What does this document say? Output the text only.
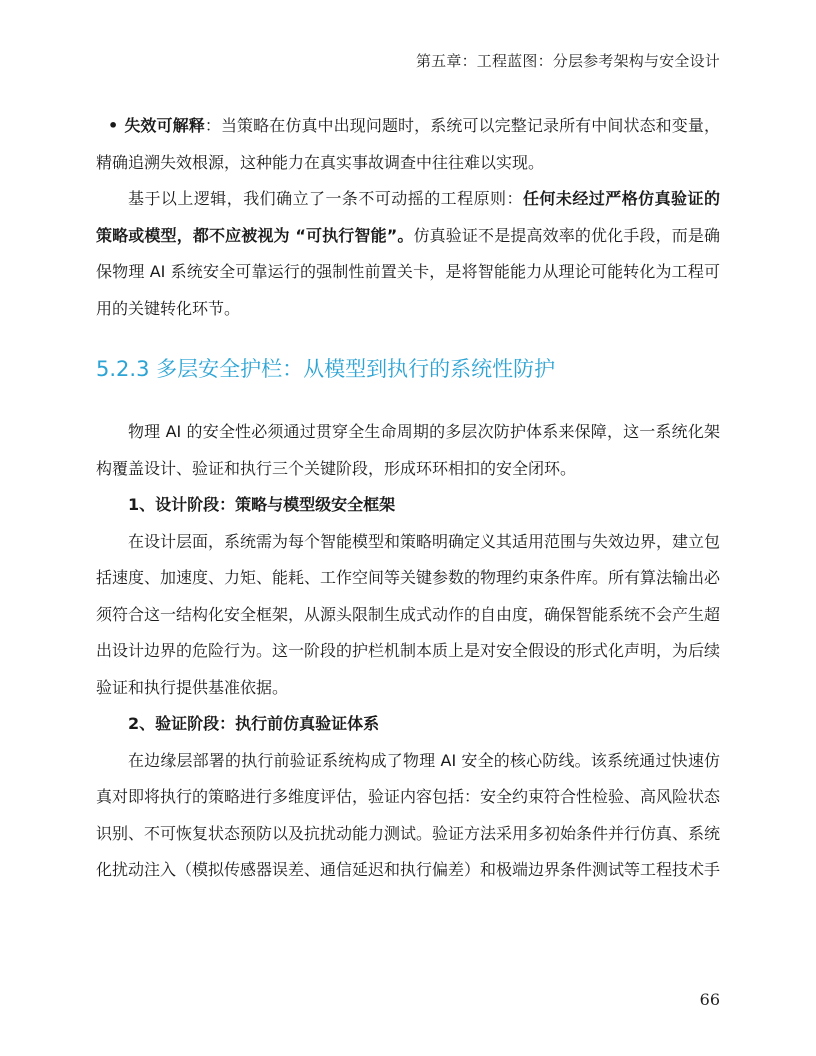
第五章：工程蓝图：分层参考架构与安全设计

• 失效可解释：当策略在仿真中出现问题时，系统可以完整记录所有中间状态和变量，精确追溯失效根源，这种能力在真实事故调查中往往难以实现。

基于以上逻辑，我们确立了一条不可动摇的工程原则：任何未经过严格仿真验证的策略或模型，都不应被视为 “可执行智能”。仿真验证不是提高效率的优化手段，而是确保物理 AI 系统安全可靠运行的强制性前置关卡，是将智能能力从理论可能转化为工程可用的关键转化环节。

5.2.3 多层安全护栏：从模型到执行的系统性防护

物理 AI 的安全性必须通过贯穿全生命周期的多层次防护体系来保障，这一系统化架构覆盖设计、验证和执行三个关键阶段，形成环环相扣的安全闭环。

1、设计阶段：策略与模型级安全框架

在设计层面，系统需为每个智能模型和策略明确定义其适用范围与失效边界，建立包括速度、加速度、力矩、能耗、工作空间等关键参数的物理约束条件库。所有算法输出必须符合这一结构化安全框架，从源头限制生成式动作的自由度，确保智能系统不会产生超出设计边界的危险行为。这一阶段的护栏机制本质上是对安全假设的形式化声明，为后续验证和执行提供基准依据。

2、验证阶段：执行前仿真验证体系

在边缘层部署的执行前验证系统构成了物理 AI 安全的核心防线。该系统通过快速仿真对即将执行的策略进行多维度评估，验证内容包括：安全约束符合性检验、高风险状态识别、不可恢复状态预防以及抗扰动能力测试。验证方法采用多初始条件并行仿真、系统化扰动注入（模拟传感器误差、通信延迟和执行偏差）和极端边界条件测试等工程技术手

66
